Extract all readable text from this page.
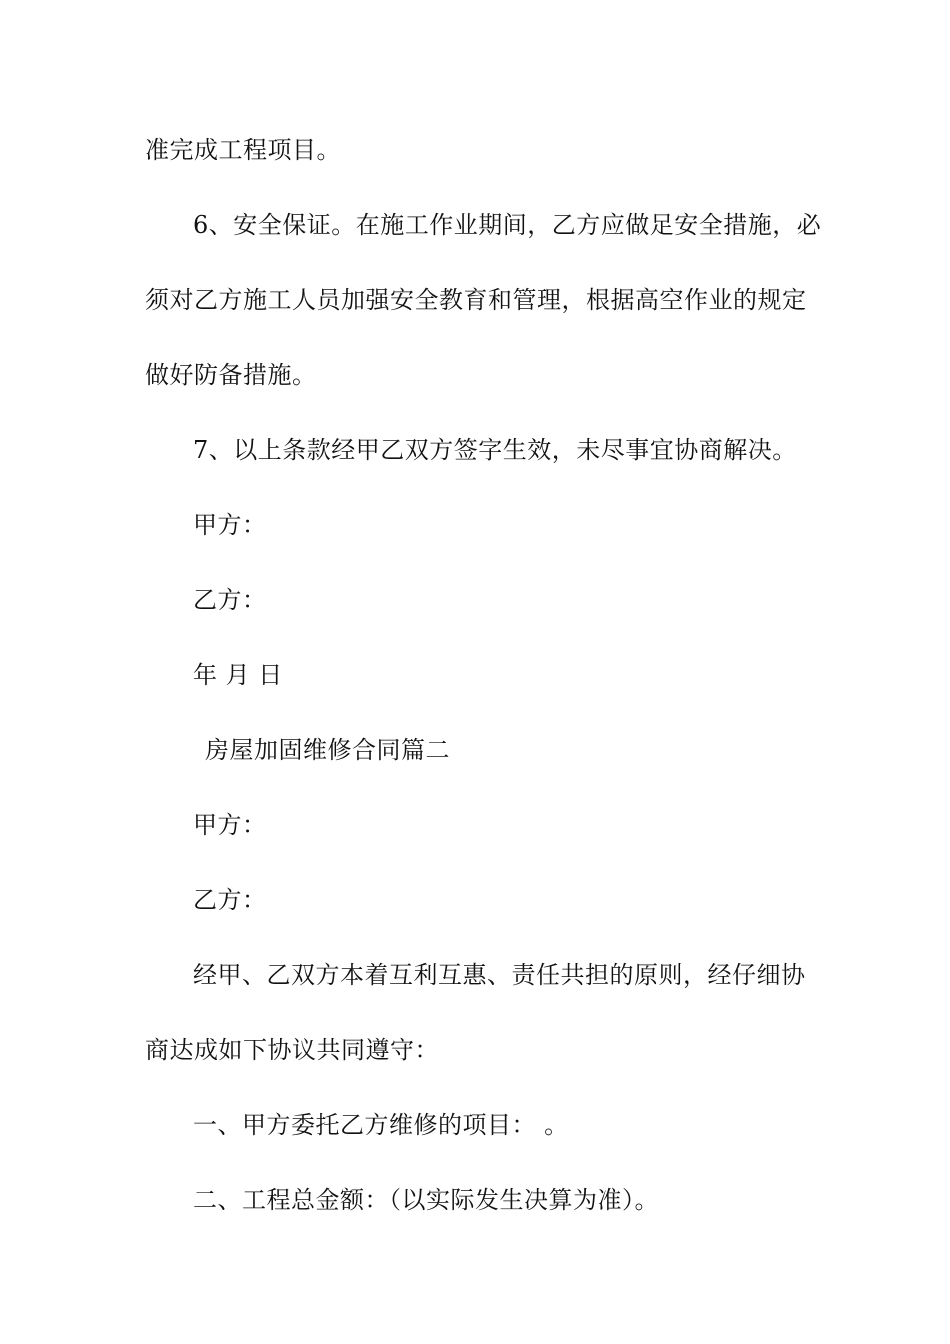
准完成工程项目。
6、安全保证。在施工作业期间，乙方应做足安全措施，必
须对乙方施工人员加强安全教育和管理，根据高空作业的规定
做好防备措施。
7、以上条款经甲乙双方签字生效，未尽事宜协商解决。
甲方：
乙方：
年 月 日
房屋加固维修合同篇二
甲方：
乙方：
经甲、乙双方本着互利互惠、责任共担的原则，经仔细协
商达成如下协议共同遵守：
一、甲方委托乙方维修的项目： 。
二、工程总金额：（以实际发生决算为准）。
